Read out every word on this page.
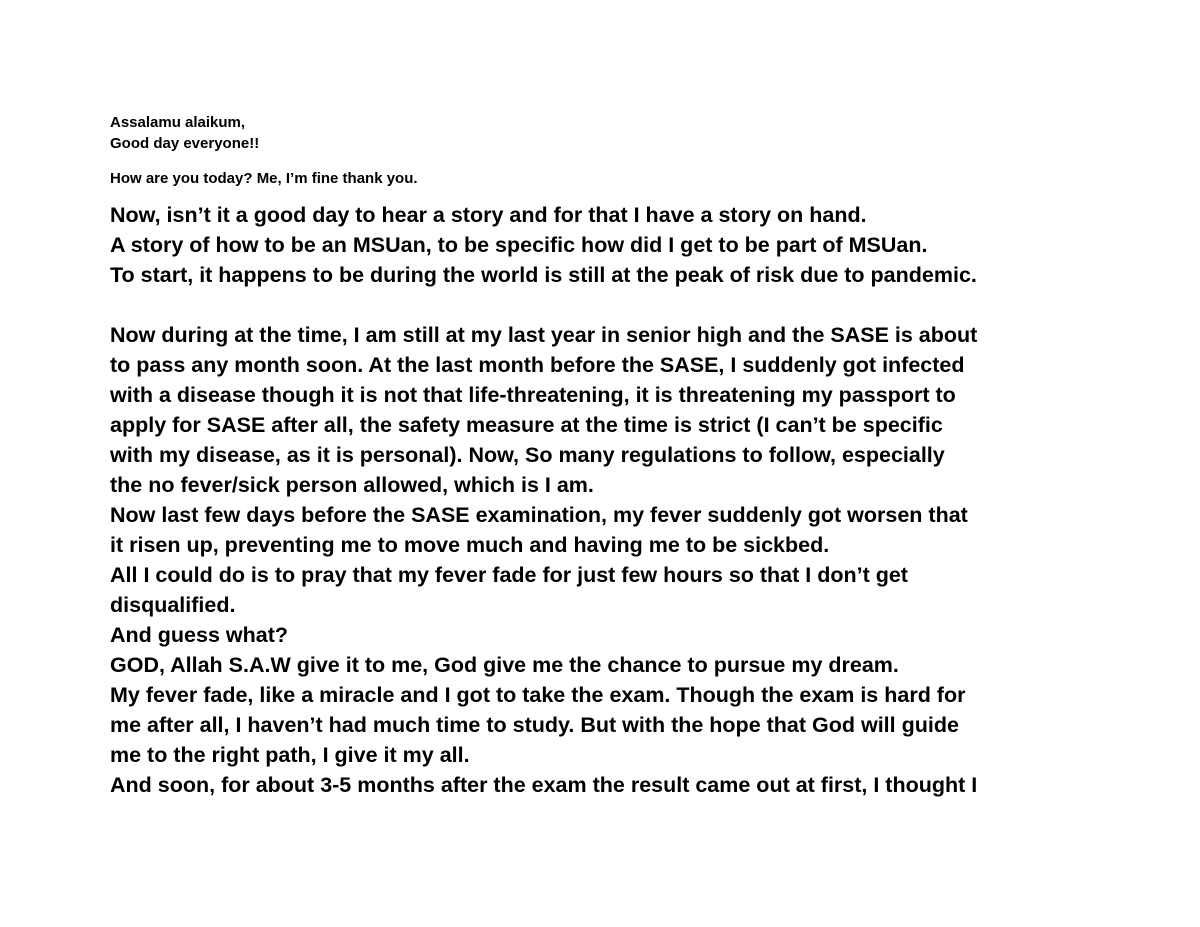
Assalamu alaikum,

Good day everyone!!

How are you today? Me, I’m fine thank you.

Now, isn’t it a good day to hear a story and for that I have a story on hand.
A story of how to be an MSUan, to be specific how did I get to be part of MSUan.
To start, it happens to be during the world is still at the peak of risk due to pandemic.
Now during at the time, I am still at my last year in senior high and the SASE is about
to pass any month soon. At the last month before the SASE, I suddenly got infected
with a disease though it is not that life-threatening, it is threatening my passport to
apply for SASE after all, the safety measure at the time is strict (I can’t be specific
with my disease, as it is personal). Now, So many regulations to follow, especially
the no fever/sick person allowed, which is I am.
Now last few days before the SASE examination, my fever suddenly got worsen that
it risen up, preventing me to move much and having me to be sickbed.
All I could do is to pray that my fever fade for just few hours so that I don’t get
disqualified.
And guess what?
GOD, Allah S.A.W give it to me, God give me the chance to pursue my dream.
My fever fade, like a miracle and I got to take the exam. Though the exam is hard for
me after all, I haven’t had much time to study. But with the hope that God will guide
me to the right path, I give it my all.
And soon, for about 3-5 months after the exam the result came out at first, I thought I
